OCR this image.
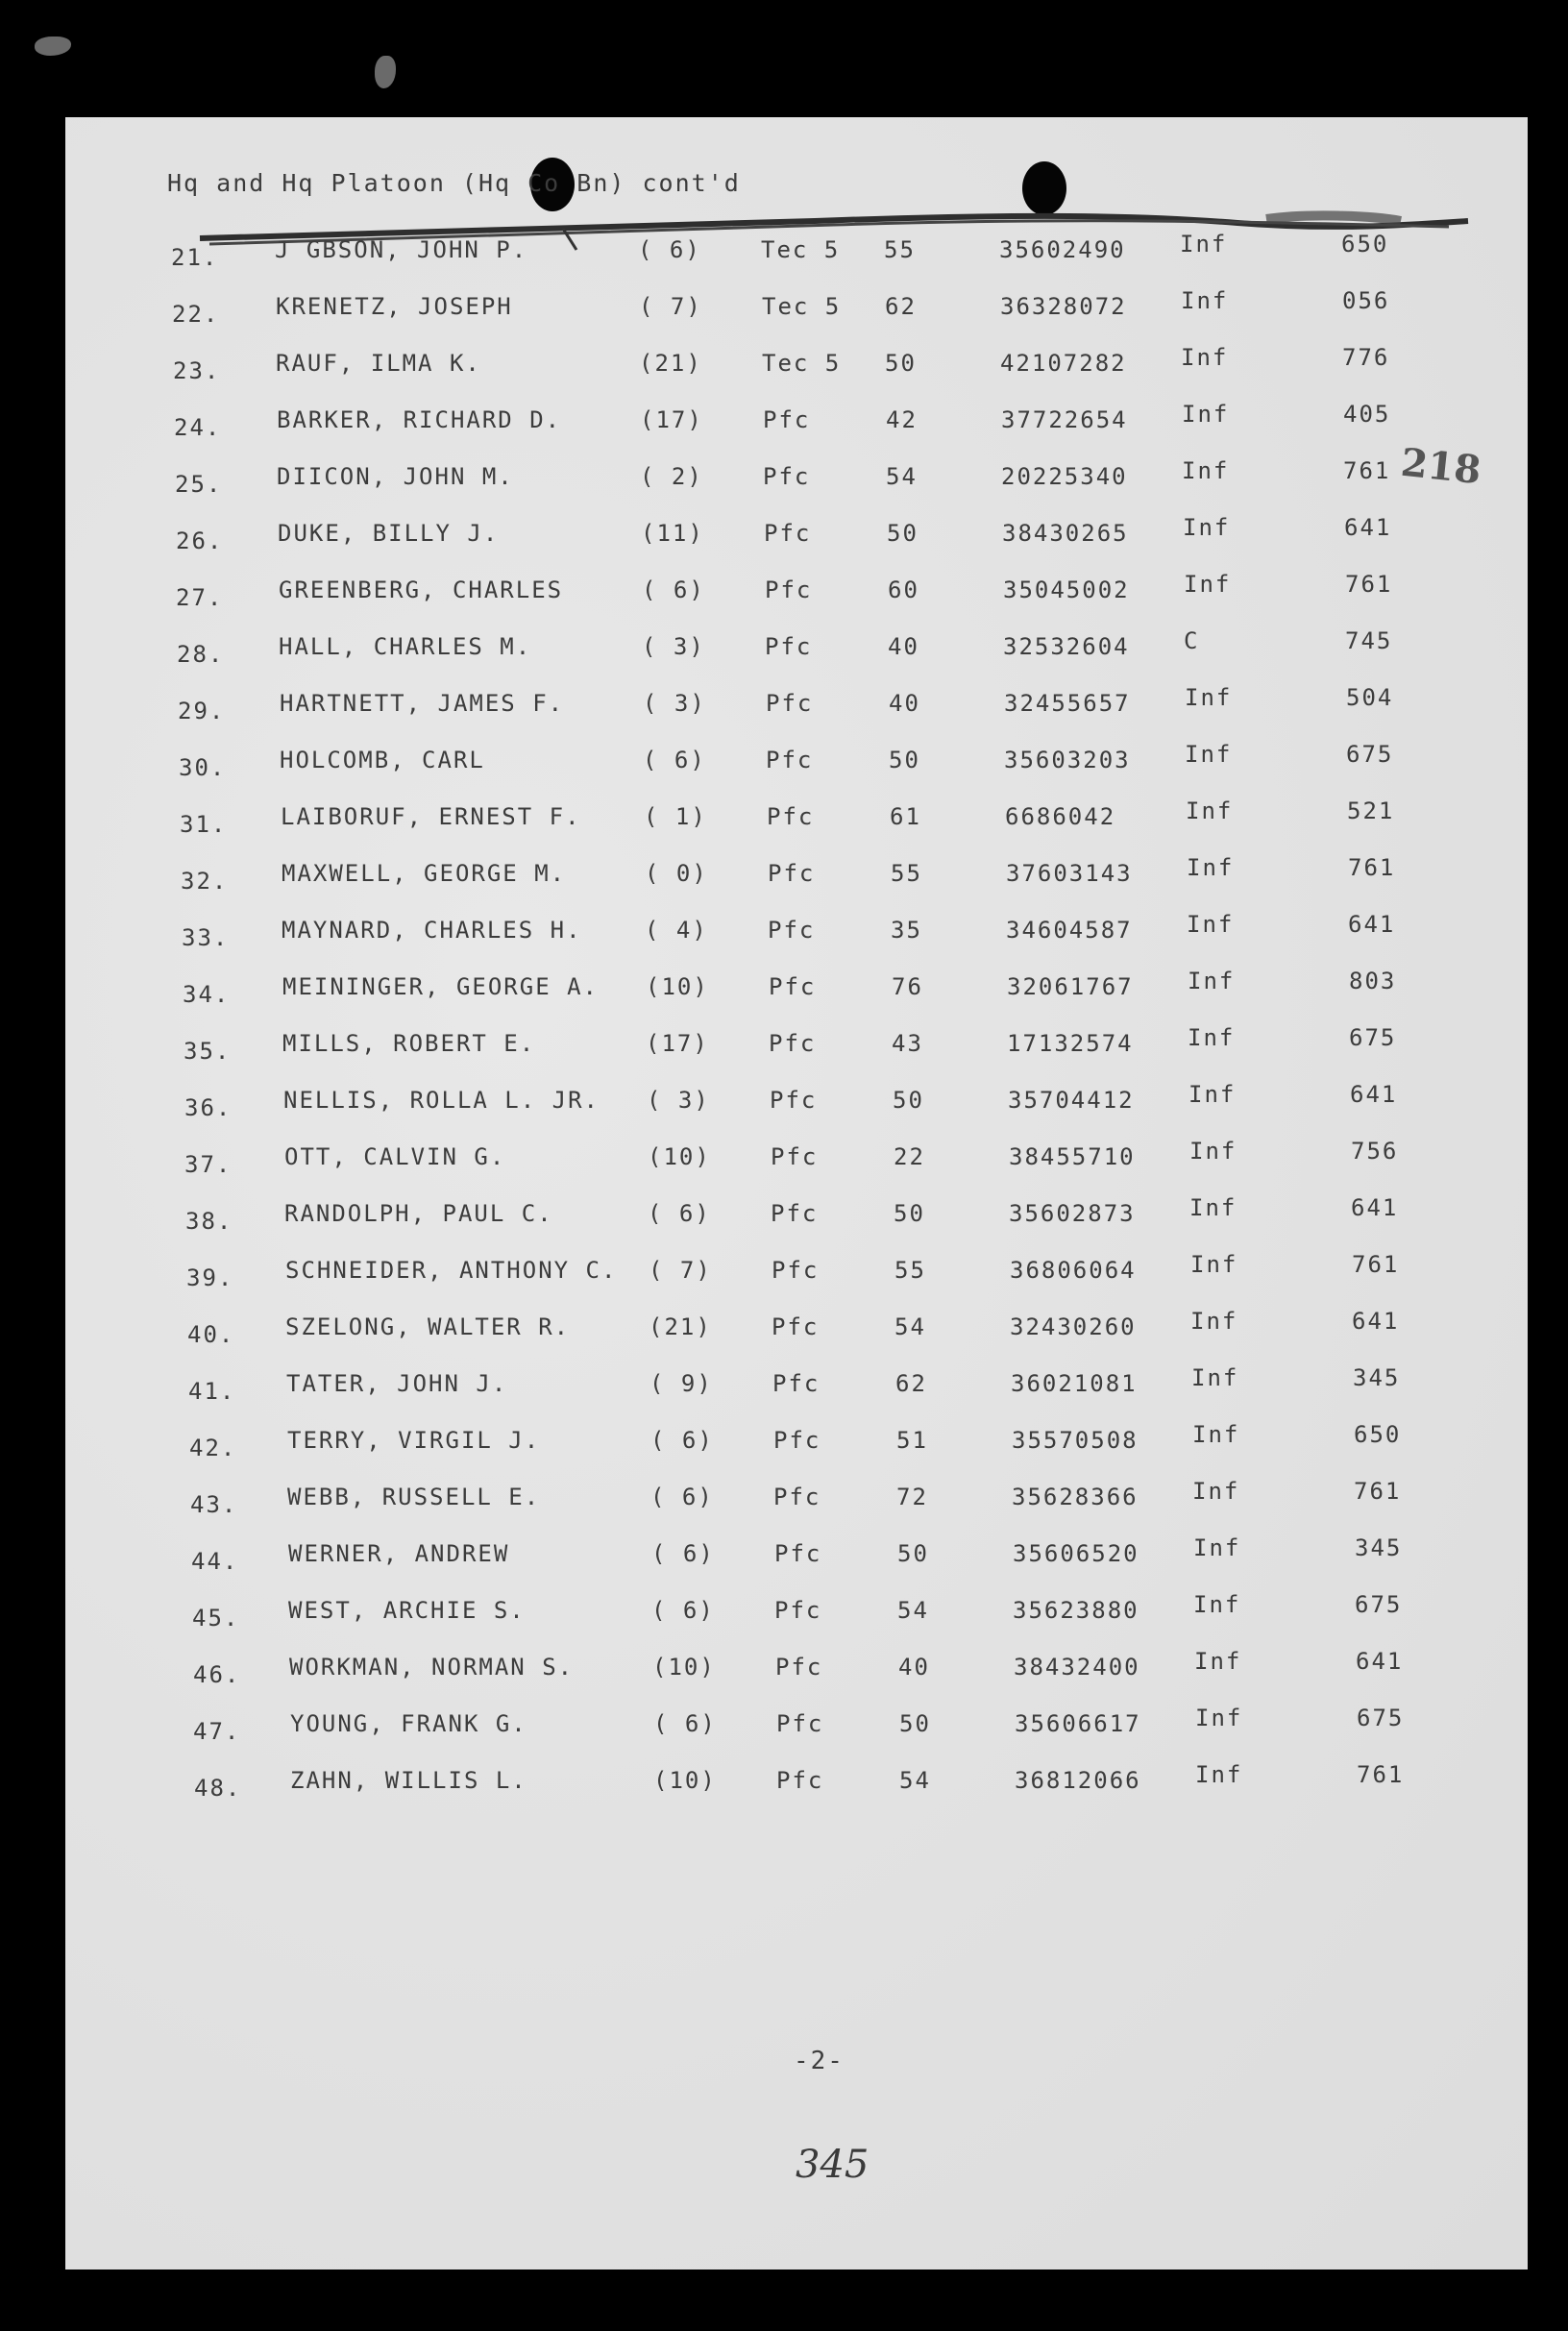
Hq and Hq Platoon (Hq Co Bn) cont'd
218
21. J GBSON, JOHN P.	( 6)	Tec 5 55	35602490 Inf	650
22. KRENETZ, JOSEPH	( 7)	Tec 5 62	36328072 Inf	056
23. RAUF, ILMA K.	(21)	Tec 5 50	42107282 Inf	776
24. BARKER, RICHARD D.	(17)	Pfc	42	37722654 Inf	405
25. DIICON, JOHN M.	( 2)	Pfc	54	20225340 Inf	761
26. DUKE, BILLY J.	(11)	Pfc	50	38430265 Inf	641
27. GREENBERG, CHARLES	( 6)	Pfc	60	35045002 Inf	761
28. HALL, CHARLES M.	( 3)	Pfc	40	32532604 C	745
29. HARTNETT, JAMES F.	( 3)	Pfc	40	32455657 Inf	504
30. HOLCOMB, CARL	( 6)	Pfc	50	35603203 Inf	675
31. LAIBORUF, ERNEST F.	( 1)	Pfc	61	6686042	Inf	521
32. MAXWELL, GEORGE M.	( 0)	Pfc	55	37603143 Inf	761
33. MAYNARD, CHARLES H.	( 4)	Pfc	35	34604587 Inf	641
34. MEININGER, GEORGE A. (10)	Pfc	76	32061767 Inf	803
35. MILLS, ROBERT E.	(17)	Pfc	43	17132574 Inf	675
36. NELLIS, ROLLA L. JR. ( 3)	Pfc	50	35704412 Inf	641
37. OTT, CALVIN G.	(10)	Pfc	22	38455710 Inf	756
38. RANDOLPH, PAUL C.	( 6)	Pfc	50	35602873 Inf	641
39. SCHNEIDER, ANTHONY C. ( 7)	Pfc	55	36806064 Inf	761
40. SZELONG, WALTER R.	(21)	Pfc	54	32430260 Inf	641
41. TATER, JOHN J.	( 9)	Pfc	62	36021081 Inf	345
42. TERRY, VIRGIL J.	( 6)	Pfc	51	35570508 Inf	650
43. WEBB, RUSSELL E.	( 6)	Pfc	72	35628366 Inf	761
44. WERNER, ANDREW	( 6)	Pfc	50	35606520 Inf	345
45. WEST, ARCHIE S.	( 6)	Pfc	54	35623880 Inf	675
46. WORKMAN, NORMAN S.	(10)	Pfc	40	38432400 Inf	641
47. YOUNG, FRANK G.	( 6)	Pfc	50	35606617 Inf	675
48. ZAHN, WILLIS L.	(10)	Pfc	54	36812066 Inf	761
-2-
345
